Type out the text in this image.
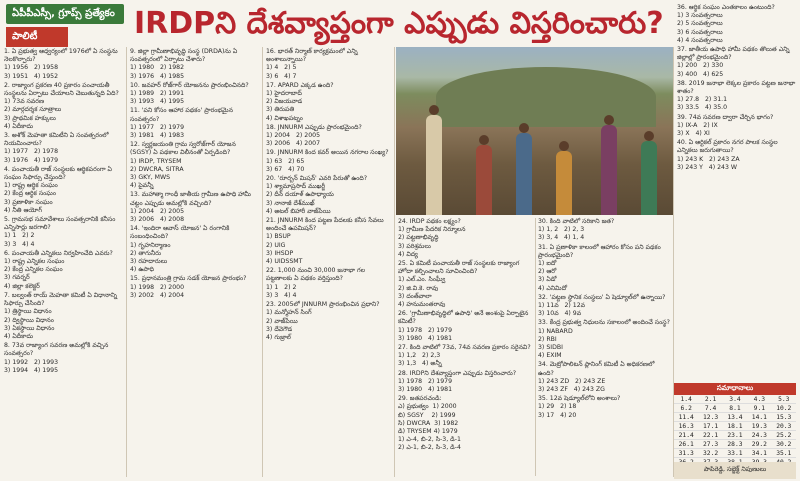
ఏపీపీఎస్సీ, గ్రూప్స్ ప్రత్యేకం
పాలిటీ	IRDPని దేశవ్యాప్తంగా ఎప్పుడు విస్తరించారు?

1. ఏ ప్రభుత్వ ఆధ్వర్యంలో 1976లో ఏ సంస్థను నెలకొల్పారు?
1) 1956   2) 1958
3) 1951   4) 1952

2. రాజ్యాంగ ప్రకరణ 40 ప్రకారం పంచాయతీ సంస్థలను ఏర్పాటు చేయాలని చెబుతున్నది ఏది?
1) 73వ సవరణ
2) మార్గదర్శక సూత్రాలు
3) ప్రాథమిక హక్కులు
4) ఏదీకాదు

3. అశోక్ మెహతా కమిటీని ఏ సంవత్సరంలో నియమించారు?
1) 1977   2) 1978
3) 1976   4) 1979

4. పంచాయతీ రాజ్ సంస్థలకు ఆర్థికపరంగా ఏ సంఘం సిఫార్సు చేస్తుంది?
1) రాష్ట్ర ఆర్థిక సంఘం
2) కేంద్ర ఆర్థిక సంఘం
3) ప్రణాళికా సంఘం
4) నీతి ఆయోగ్

5. గ్రామసభ సమావేశాలు సంవత్సరానికి కనీసం ఎన్నిసార్లు జరగాలి?
1) 1   2) 2
3) 3   4) 4

6. పంచాయతీ ఎన్నికలు నిర్వహించేది ఎవరు?
1) రాష్ట్ర ఎన్నికల సంఘం
2) కేంద్ర ఎన్నికల సంఘం
3) గవర్నర్
4) జిల్లా కలెక్టర్

7. బల్వంత్ రాయ్ మెహతా కమిటీ ఏ విధానాన్ని సిఫార్సు చేసింది?
1) త్రిస్థాయి విధానం
2) ద్విస్థాయి విధానం
3) ఏకస్థాయి విధానం
4) ఏదీకాదు

8. 73వ రాజ్యాంగ సవరణ అమల్లోకి వచ్చిన సంవత్సరం?
1) 1992   2) 1993
3) 1994   4) 1995

9. జిల్లా గ్రామీణాభివృద్ధి సంస్థ (DRDA)ను ఏ సంవత్సరంలో ఏర్పాటు చేశారు?
1) 1980   2) 1982
3) 1976   4) 1985

10. జవహర్ రోజ్‌గార్ యోజనను ప్రారంభించినది?
1) 1989   2) 1991
3) 1993   4) 1995

11. 'పని కోసం ఆహార పథకం' ప్రారంభమైన సంవత్సరం?
1) 1977   2) 1979
3) 1981   4) 1983

12. స్వర్ణజయంతి గ్రామ స్వరోజ్‌గార్ యోజన (SGSY) ఏ పథకాల విలీనంతో ఏర్పడింది?
1) IRDP, TRYSEM
2) DWCRA, SITRA
3) GKY, MWS
4) పైవన్నీ

13. మహాత్మా గాంధీ జాతీయ గ్రామీణ ఉపాధి హామీ చట్టం ఎప్పుడు అమల్లోకి వచ్చింది?
1) 2004   2) 2005
3) 2006   4) 2008

14. 'ఇందిరా ఆవాస్ యోజన' ఏ రంగానికి సంబంధించింది?
1) గృహనిర్మాణం
2) తాగునీరు
3) రహదారులు
4) ఉపాధి

15. ప్రధానమంత్రి గ్రామ సడక్ యోజన ప్రారంభం?
1) 1998   2) 2000
3) 2002   4) 2004

16. భారత్ నిర్మాణ్ కార్యక్రమంలో ఎన్ని అంశాలున్నాయి?
1) 4   2) 5
3) 6   4) 7

17. APARD ఎక్కడ ఉంది?
1) హైదరాబాద్
2) విజయవాడ
3) తిరుపతి
4) విశాఖపట్నం

18. JNNURM ఎప్పుడు ప్రారంభమైంది?
1) 2004   2) 2005
3) 2006   4) 2007

19. JNNURM కింద కవర్ అయిన నగరాల సంఖ్య?
1) 63   2) 65
3) 67   4) 70

20. 'రూర్బన్ మిషన్' ఎవరి పేరుతో ఉంది?
1) శ్యామాప్రసాద్ ముఖర్జీ
2) దీన్ దయాళ్ ఉపాధ్యాయ
3) నానాజీ దేశ్‌ముఖ్
4) అటల్ బిహారీ వాజ్‌పేయి

21. JNNURM కింద పట్టణ పేదలకు కనీస సేవలు అందించే ఉపమిషన్?
1) BSUP
2) UIG
3) IHSDP
4) UIDSSMT

22. 1,000 నుంచి 30,000 జనాభా గల పట్టణాలకు ఏ పథకం వర్తిస్తుంది?
1) 1   2) 2
3) 3   4) 4

23. 2005లో JNNURM ప్రారంభించిన ప్రధాని?
1) మన్మోహన్ సింగ్
2) వాజ్‌పేయి
3) దేవెగౌడ
4) గుజ్రాల్

24. IRDP పథకం లక్ష్యం?
1) గ్రామీణ పేదరిక నిర్మూలన
2) పట్టణాభివృద్ధి
3) పరిశ్రమలు
4) విద్య

25. ఏ కమిటీ పంచాయతీ రాజ్ సంస్థలకు రాజ్యాంగ హోదా కల్పించాలని సూచించింది?
1) ఎల్.ఎం. సింఘ్వీ
2) జి.వి.కె. రావు
3) దంత్‌వాలా
4) హనుమంతరావు

26. 'గ్రామీణాభివృద్ధిలో ఉపాధి' అనే అంశంపై ఏర్పాటైన కమిటీ?
1) 1978   2) 1979
3) 1980   4) 1981

27. కింది వాటిలో 73వ, 74వ సవరణ ప్రకారం సరైనవి?
1) 1,2   2) 2,3
3) 1,3   4) అన్నీ

28. IRDPని దేశవ్యాప్తంగా ఎప్పుడు విస్తరించారు?
1) 1978   2) 1979
3) 1980   4) 1981

29. జతపరచండి:
ఎ) ప్రభుత్వం  1) 2000
బి) SGSY    2) 1999
సి) DWCRA  3) 1982
డి) TRYSEM 4) 1979
1) ఎ-4, బి-2, సి-3, డి-1
2) ఎ-1, బి-2, సి-3, డి-4

30. కింది వాటిలో సరికాని జత?
1) 1, 2   2) 2, 3
3) 3, 4   4) 1, 4

31. ఏ ప్రణాళికా కాలంలో ఆహారం కోసం పని పథకం ప్రారంభమైంది?
1) ఐదో
2) ఆరో
3) ఏడో
4) ఎనిమిదో

32. 'పట్టణ స్థానిక సంస్థలు' ఏ షెడ్యూల్‌లో ఉన్నాయి?
1) 11వ   2) 12వ
3) 10వ   4) 9వ

33. కేంద్ర ప్రభుత్వ నిధులను సకాలంలో అందించే సంస్థ?
1) NABARD
2) RBI
3) SIDBI
4) EXIM

34. మెట్రోపాలిటన్ ప్లానింగ్ కమిటీ ఏ అధికరణలో ఉంది?
1) 243 ZD   2) 243 ZE
3) 243 ZF   4) 243 ZG

35. 12వ షెడ్యూల్‌లోని అంశాలు?
1) 29   2) 18
3) 17   4) 20

36. ఆర్థిక సంఘం ఎంతకాలం ఉంటుంది?
1) 3 సంవత్సరాలు
2) 5 సంవత్సరాలు
3) 6 సంవత్సరాలు
4) 4 సంవత్సరాలు

37. జాతీయ ఉపాధి హామీ పథకం తొలుత ఎన్ని జిల్లాల్లో ప్రారంభమైంది?
1) 200   2) 330
3) 400   4) 625

38. 2019 జనాభా లెక్కల ప్రకారం పట్టణ జనాభా శాతం?
1) 27.8   2) 31.1
3) 33.5   4) 35.0

39. 74వ సవరణ ద్వారా చేర్చిన భాగం?
1) IX-A   2) IX
3) X   4) XI

40. ఏ ఆర్టికల్ ప్రకారం నగర పాలక సంస్థల ఎన్నికలు జరుగుతాయి?
1) 243 K   2) 243 ZA
3) 243 Y   4) 243 W

సమాధానాలు
1.4	2.1	3.4	4.3	5.3
6.2	7.4	8.1	9.1	10.2
11.4	12.3	13.4	14.1	15.3
16.3	17.1	18.1	19.3	20.3
21.4	22.1	23.1	24.3	25.2
26.1	27.3	28.3	29.2	30.2
31.3	32.2	33.1	34.1	35.1

పాపిరెడ్డి, సబ్జెక్ట్ నిపుణులు
